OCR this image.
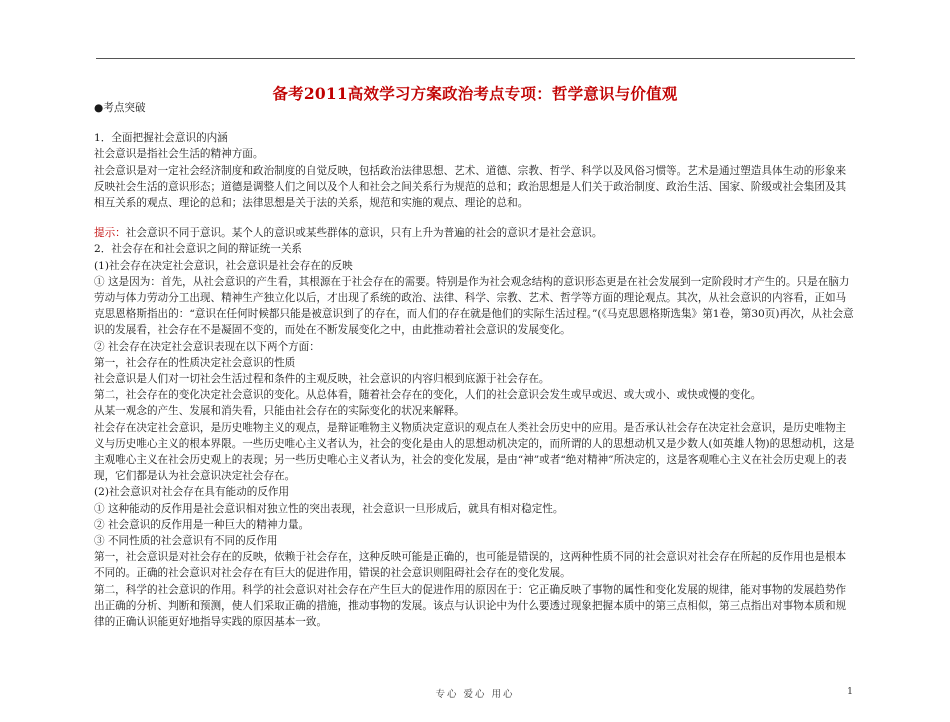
备考2011高效学习方案政治考点专项：哲学意识与价值观

●考点突破

1．全面把握社会意识的内涵

社会意识是指社会生活的精神方面。

社会意识是对一定社会经济制度和政治制度的自觉反映，包括政治法律思想、艺术、道德、宗教、哲学、科学以及风俗习惯等。艺术是通过塑造具体生动的形象来反映社会生活的意识形态；道德是调整人们之间以及个人和社会之间关系行为规范的总和；政治思想是人们关于政治制度、政治生活、国家、阶级或社会集团及其相互关系的观点、理论的总和；法律思想是关于法的关系，规范和实施的观点、理论的总和。

提示：社会意识不同于意识。某个人的意识或某些群体的意识，只有上升为普遍的社会的意识才是社会意识。

2．社会存在和社会意识之间的辩证统一关系

(1)社会存在决定社会意识，社会意识是社会存在的反映

① 这是因为：首先，从社会意识的产生看，其根源在于社会存在的需要。特别是作为社会观念结构的意识形态更是在社会发展到一定阶段时才产生的。只是在脑力劳动与体力劳动分工出现、精神生产独立化以后，才出现了系统的政治、法律、科学、宗教、艺术、哲学等方面的理论观点。其次，从社会意识的内容看，正如马克思恩格斯指出的：“意识在任何时候都只能是被意识到了的存在，而人们的存在就是他们的实际生活过程。”(《马克思恩格斯选集》第1卷，第30页)再次，从社会意识的发展看，社会存在不是凝固不变的，而处在不断发展变化之中，由此推动着社会意识的发展变化。

② 社会存在决定社会意识表现在以下两个方面：

第一，社会存在的性质决定社会意识的性质

社会意识是人们对一切社会生活过程和条件的主观反映，社会意识的内容归根到底源于社会存在。

第二，社会存在的变化决定社会意识的变化。从总体看，随着社会存在的变化，人们的社会意识会发生或早或迟、或大或小、或快或慢的变化。

从某一观念的产生、发展和消失看，只能由社会存在的实际变化的状况来解释。

社会存在决定社会意识，是历史唯物主义的观点，是辩证唯物主义物质决定意识的观点在人类社会历史中的应用。是否承认社会存在决定社会意识，是历史唯物主义与历史唯心主义的根本界限。一些历史唯心主义者认为，社会的变化是由人的思想动机决定的，而所谓的人的思想动机又是少数人(如英雄人物)的思想动机，这是主观唯心主义在社会历史观上的表现；另一些历史唯心主义者认为，社会的变化发展，是由“神”或者“绝对精神”所决定的，这是客观唯心主义在社会历史观上的表现，它们都是认为社会意识决定社会存在。

(2)社会意识对社会存在具有能动的反作用

① 这种能动的反作用是社会意识相对独立性的突出表现，社会意识一旦形成后，就具有相对稳定性。

② 社会意识的反作用是一种巨大的精神力量。

③ 不同性质的社会意识有不同的反作用

第一，社会意识是对社会存在的反映，依赖于社会存在，这种反映可能是正确的，也可能是错误的，这两种性质不同的社会意识对社会存在所起的反作用也是根本不同的。正确的社会意识对社会存在有巨大的促进作用，错误的社会意识则阻碍社会存在的变化发展。

第二，科学的社会意识的作用。科学的社会意识对社会存在产生巨大的促进作用的原因在于：它正确反映了事物的属性和变化发展的规律，能对事物的发展趋势作出正确的分析、判断和预测，使人们采取正确的措施，推动事物的发展。该点与认识论中为什么要透过现象把握本质中的第三点相似，第三点指出对事物本质和规律的正确认识能更好地指导实践的原因基本一致。

专心 爱心 用心	1
